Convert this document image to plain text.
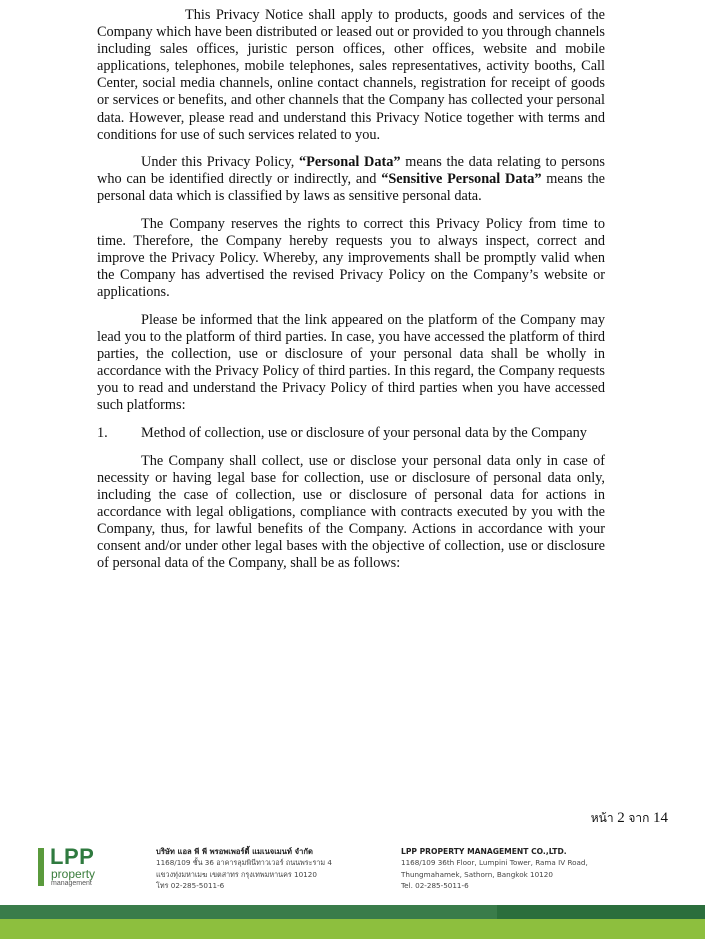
This Privacy Notice shall apply to products, goods and services of the Company which have been distributed or leased out or provided to you through channels including sales offices, juristic person offices, other offices, website and mobile applications, telephones, mobile telephones, sales representatives, activity booths, Call Center, social media channels, online contact channels, registration for receipt of goods or services or benefits, and other channels that the Company has collected your personal data. However, please read and understand this Privacy Notice together with terms and conditions for use of such services related to you.

Under this Privacy Policy, “Personal Data” means the data relating to persons who can be identified directly or indirectly, and “Sensitive Personal Data” means the personal data which is classified by laws as sensitive personal data.

The Company reserves the rights to correct this Privacy Policy from time to time. Therefore, the Company hereby requests you to always inspect, correct and improve the Privacy Policy. Whereby, any improvements shall be promptly valid when the Company has advertised the revised Privacy Policy on the Company’s website or applications.

Please be informed that the link appeared on the platform of the Company may lead you to the platform of third parties. In case, you have accessed the platform of third parties, the collection, use or disclosure of your personal data shall be wholly in accordance with the Privacy Policy of third parties. In this regard, the Company requests you to read and understand the Privacy Policy of third parties when you have accessed such platforms:

1.	Method of collection, use or disclosure of your personal data by the Company

The Company shall collect, use or disclose your personal data only in case of necessity or having legal base for collection, use or disclosure of personal data only, including the case of collection, use or disclosure of personal data for actions in accordance with legal obligations, compliance with contracts executed by you with the Company, thus, for lawful benefits of the Company. Actions in accordance with your consent and/or under other legal bases with the objective of collection, use or disclosure of personal data of the Company, shall be as follows:

หน้า 2 จาก 14
LPP
property
management
บริษัท แอล พี พี พรอพเพอร์ตี้ แมเนจเมนท์ จำกัด
1168/109 ชั้น 36 อาคารลุมพินีทาวเวอร์ ถนนพระราม 4
แขวงทุ่งมหาเมฆ เขตสาทร กรุงเทพมหานคร 10120
โทร 02-285-5011-6
LPP PROPERTY MANAGEMENT CO.,LTD.
1168/109 36th Floor, Lumpini Tower, Rama IV Road,
Thungmahamek, Sathorn, Bangkok 10120
Tel. 02-285-5011-6
